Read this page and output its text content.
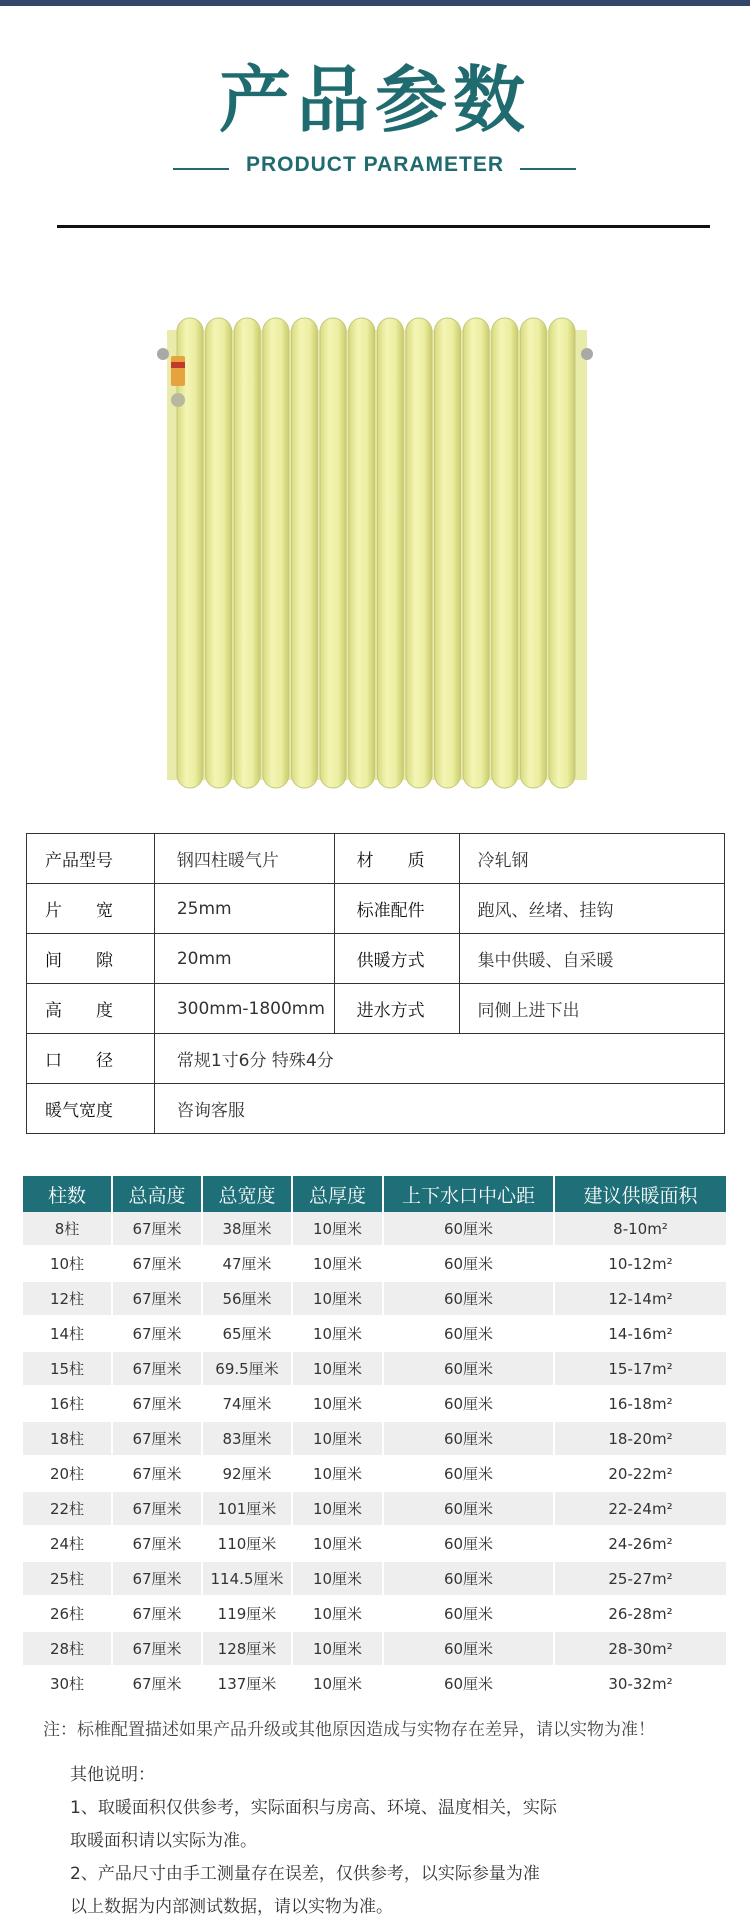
产品参数
PRODUCT PARAMETER
产品型号	钢四柱暖气片	材　　质	冷轧钢
片　　宽	25mm	标准配件	跑风、丝堵、挂钩
间　　隙	20mm	供暖方式	集中供暖、自采暖
高　　度	300mm-1800mm	进水方式	同侧上进下出
口　　径	常规1寸6分 特殊4分		
暖气宽度	咨询客服		
柱数	总高度	总宽度	总厚度	上下水口中心距	建议供暖面积
8柱	67厘米	38厘米	10厘米	60厘米	8-10m²
10柱	67厘米	47厘米	10厘米	60厘米	10-12m²
12柱	67厘米	56厘米	10厘米	60厘米	12-14m²
14柱	67厘米	65厘米	10厘米	60厘米	14-16m²
15柱	67厘米	69.5厘米	10厘米	60厘米	15-17m²
16柱	67厘米	74厘米	10厘米	60厘米	16-18m²
18柱	67厘米	83厘米	10厘米	60厘米	18-20m²
20柱	67厘米	92厘米	10厘米	60厘米	20-22m²
22柱	67厘米	101厘米	10厘米	60厘米	22-24m²
24柱	67厘米	110厘米	10厘米	60厘米	24-26m²
25柱	67厘米	114.5厘米	10厘米	60厘米	25-27m²
26柱	67厘米	119厘米	10厘米	60厘米	26-28m²
28柱	67厘米	128厘米	10厘米	60厘米	28-30m²
30柱	67厘米	137厘米	10厘米	60厘米	30-32m²
注：标椎配置描述如果产品升级或其他原因造成与实物存在差异，请以实物为准！
其他说明：
1、取暖面积仅供参考，实际面积与房高、环境、温度相关，实际
取暖面积请以实际为准。
2、产品尺寸由手工测量存在误差，仅供参考，以实际参量为准
以上数据为内部测试数据，请以实物为准。
